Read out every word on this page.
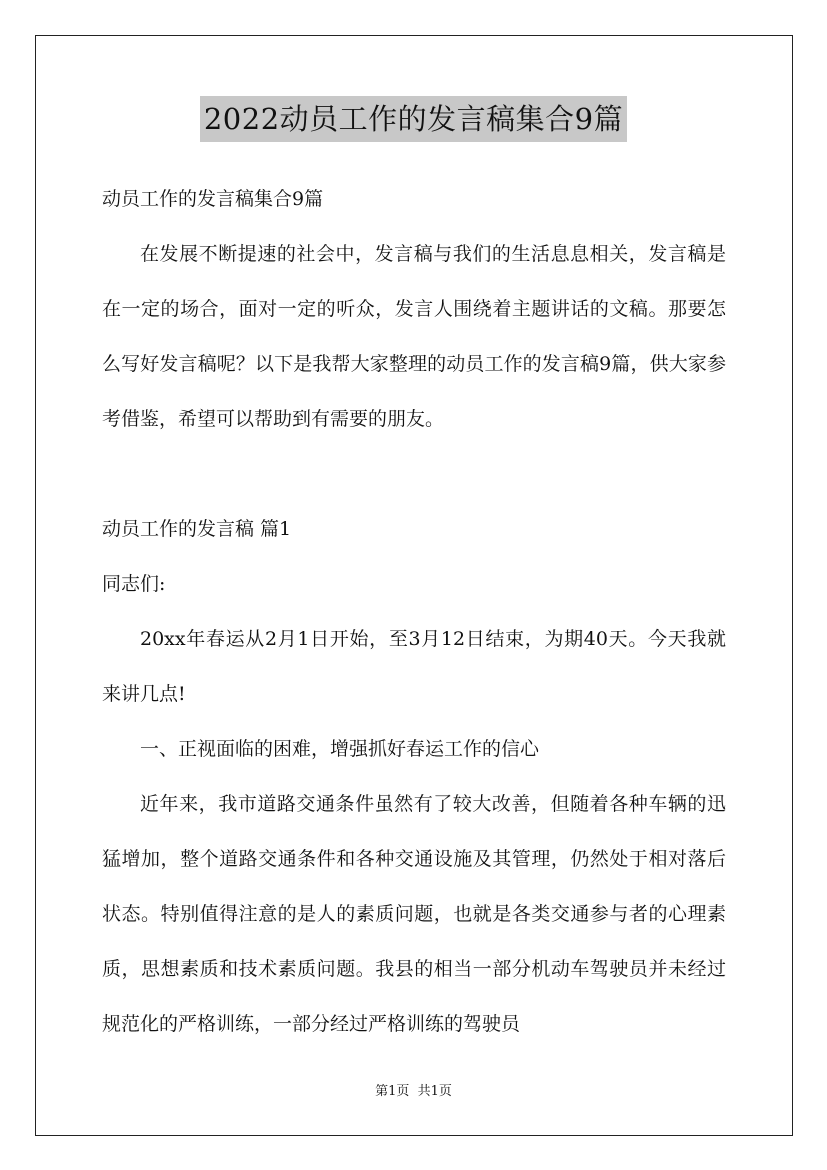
2022动员工作的发言稿集合9篇

动员工作的发言稿集合9篇

在发展不断提速的社会中，发言稿与我们的生活息息相关，发言稿是在一定的场合，面对一定的听众，发言人围绕着主题讲话的文稿。那要怎么写好发言稿呢？以下是我帮大家整理的动员工作的发言稿9篇，供大家参考借鉴，希望可以帮助到有需要的朋友。

动员工作的发言稿 篇1

同志们:

20xx年春运从2月1日开始，至3月12日结束，为期40天。今天我就来讲几点!

一、正视面临的困难，增强抓好春运工作的信心

近年来，我市道路交通条件虽然有了较大改善，但随着各种车辆的迅猛增加，整个道路交通条件和各种交通设施及其管理，仍然处于相对落后状态。特别值得注意的是人的素质问题，也就是各类交通参与者的心理素质，思想素质和技术素质问题。我县的相当一部分机动车驾驶员并未经过规范化的严格训练，一部分经过严格训练的驾驶员

第1页 共1页
